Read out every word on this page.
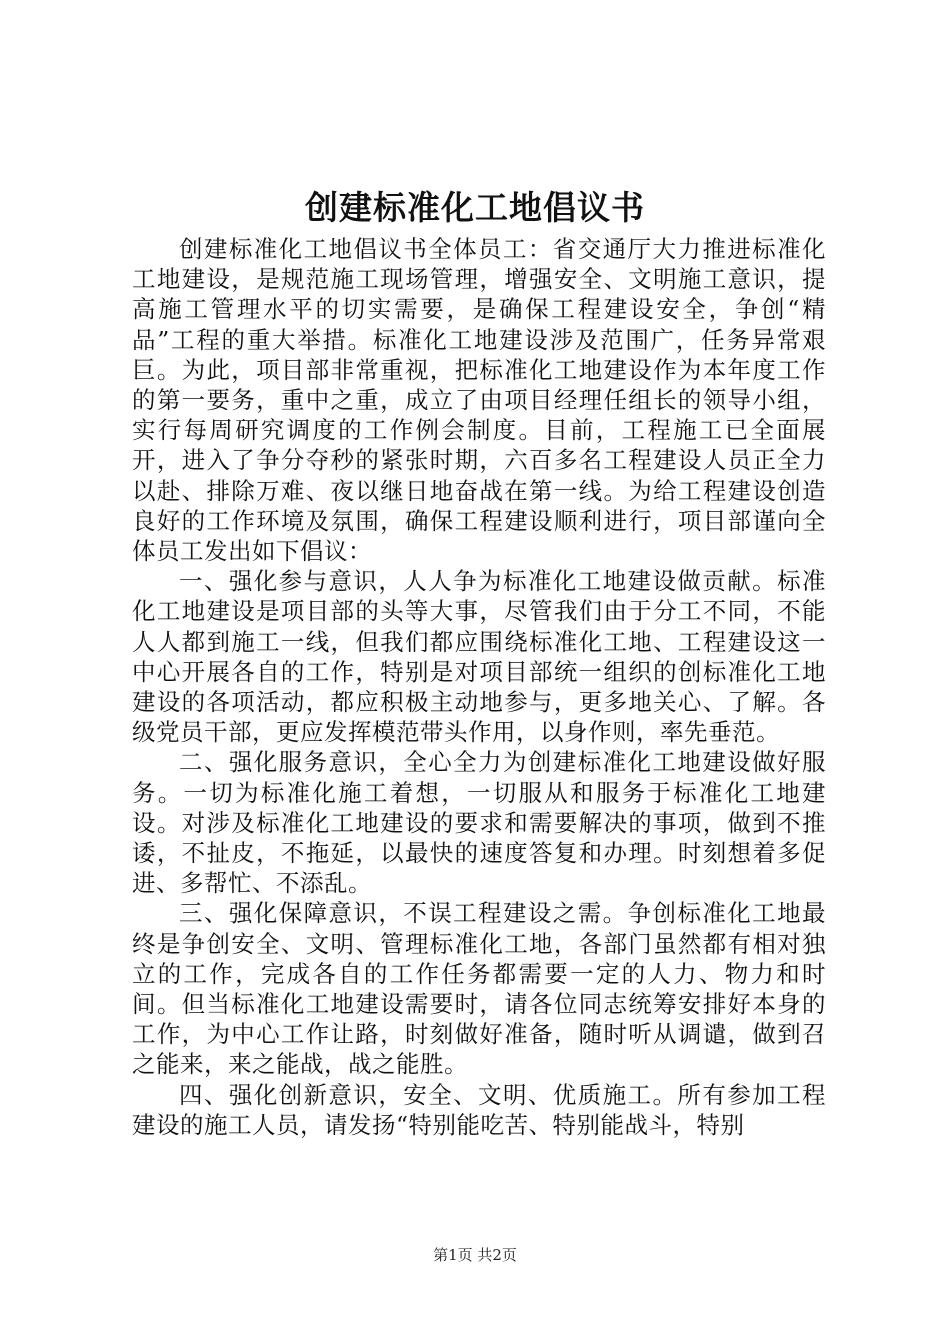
创建标准化工地倡议书

创建标准化工地倡议书全体员工：省交通厅大力推进标准化工地建设，是规范施工现场管理，增强安全、文明施工意识，提高施工管理水平的切实需要，是确保工程建设安全，争创“精品”工程的重大举措。标准化工地建设涉及范围广，任务异常艰巨。为此，项目部非常重视，把标准化工地建设作为本年度工作的第一要务，重中之重，成立了由项目经理任组长的领导小组，实行每周研究调度的工作例会制度。目前，工程施工已全面展开，进入了争分夺秒的紧张时期，六百多名工程建设人员正全力以赴、排除万难、夜以继日地奋战在第一线。为给工程建设创造良好的工作环境及氛围，确保工程建设顺利进行，项目部谨向全体员工发出如下倡议：

一、强化参与意识，人人争为标准化工地建设做贡献。标准化工地建设是项目部的头等大事，尽管我们由于分工不同，不能人人都到施工一线，但我们都应围绕标准化工地、工程建设这一中心开展各自的工作，特别是对项目部统一组织的创标准化工地建设的各项活动，都应积极主动地参与，更多地关心、了解。各级党员干部，更应发挥模范带头作用，以身作则，率先垂范。

二、强化服务意识，全心全力为创建标准化工地建设做好服务。一切为标准化施工着想，一切服从和服务于标准化工地建设。对涉及标准化工地建设的要求和需要解决的事项，做到不推诿，不扯皮，不拖延，以最快的速度答复和办理。时刻想着多促进、多帮忙、不添乱。

三、强化保障意识，不误工程建设之需。争创标准化工地最终是争创安全、文明、管理标准化工地，各部门虽然都有相对独立的工作，完成各自的工作任务都需要一定的人力、物力和时间。但当标准化工地建设需要时，请各位同志统筹安排好本身的工作，为中心工作让路，时刻做好准备，随时听从调谴，做到召之能来，来之能战，战之能胜。

四、强化创新意识，安全、文明、优质施工。所有参加工程建设的施工人员，请发扬“特别能吃苦、特别能战斗，特别

第1页 共2页
